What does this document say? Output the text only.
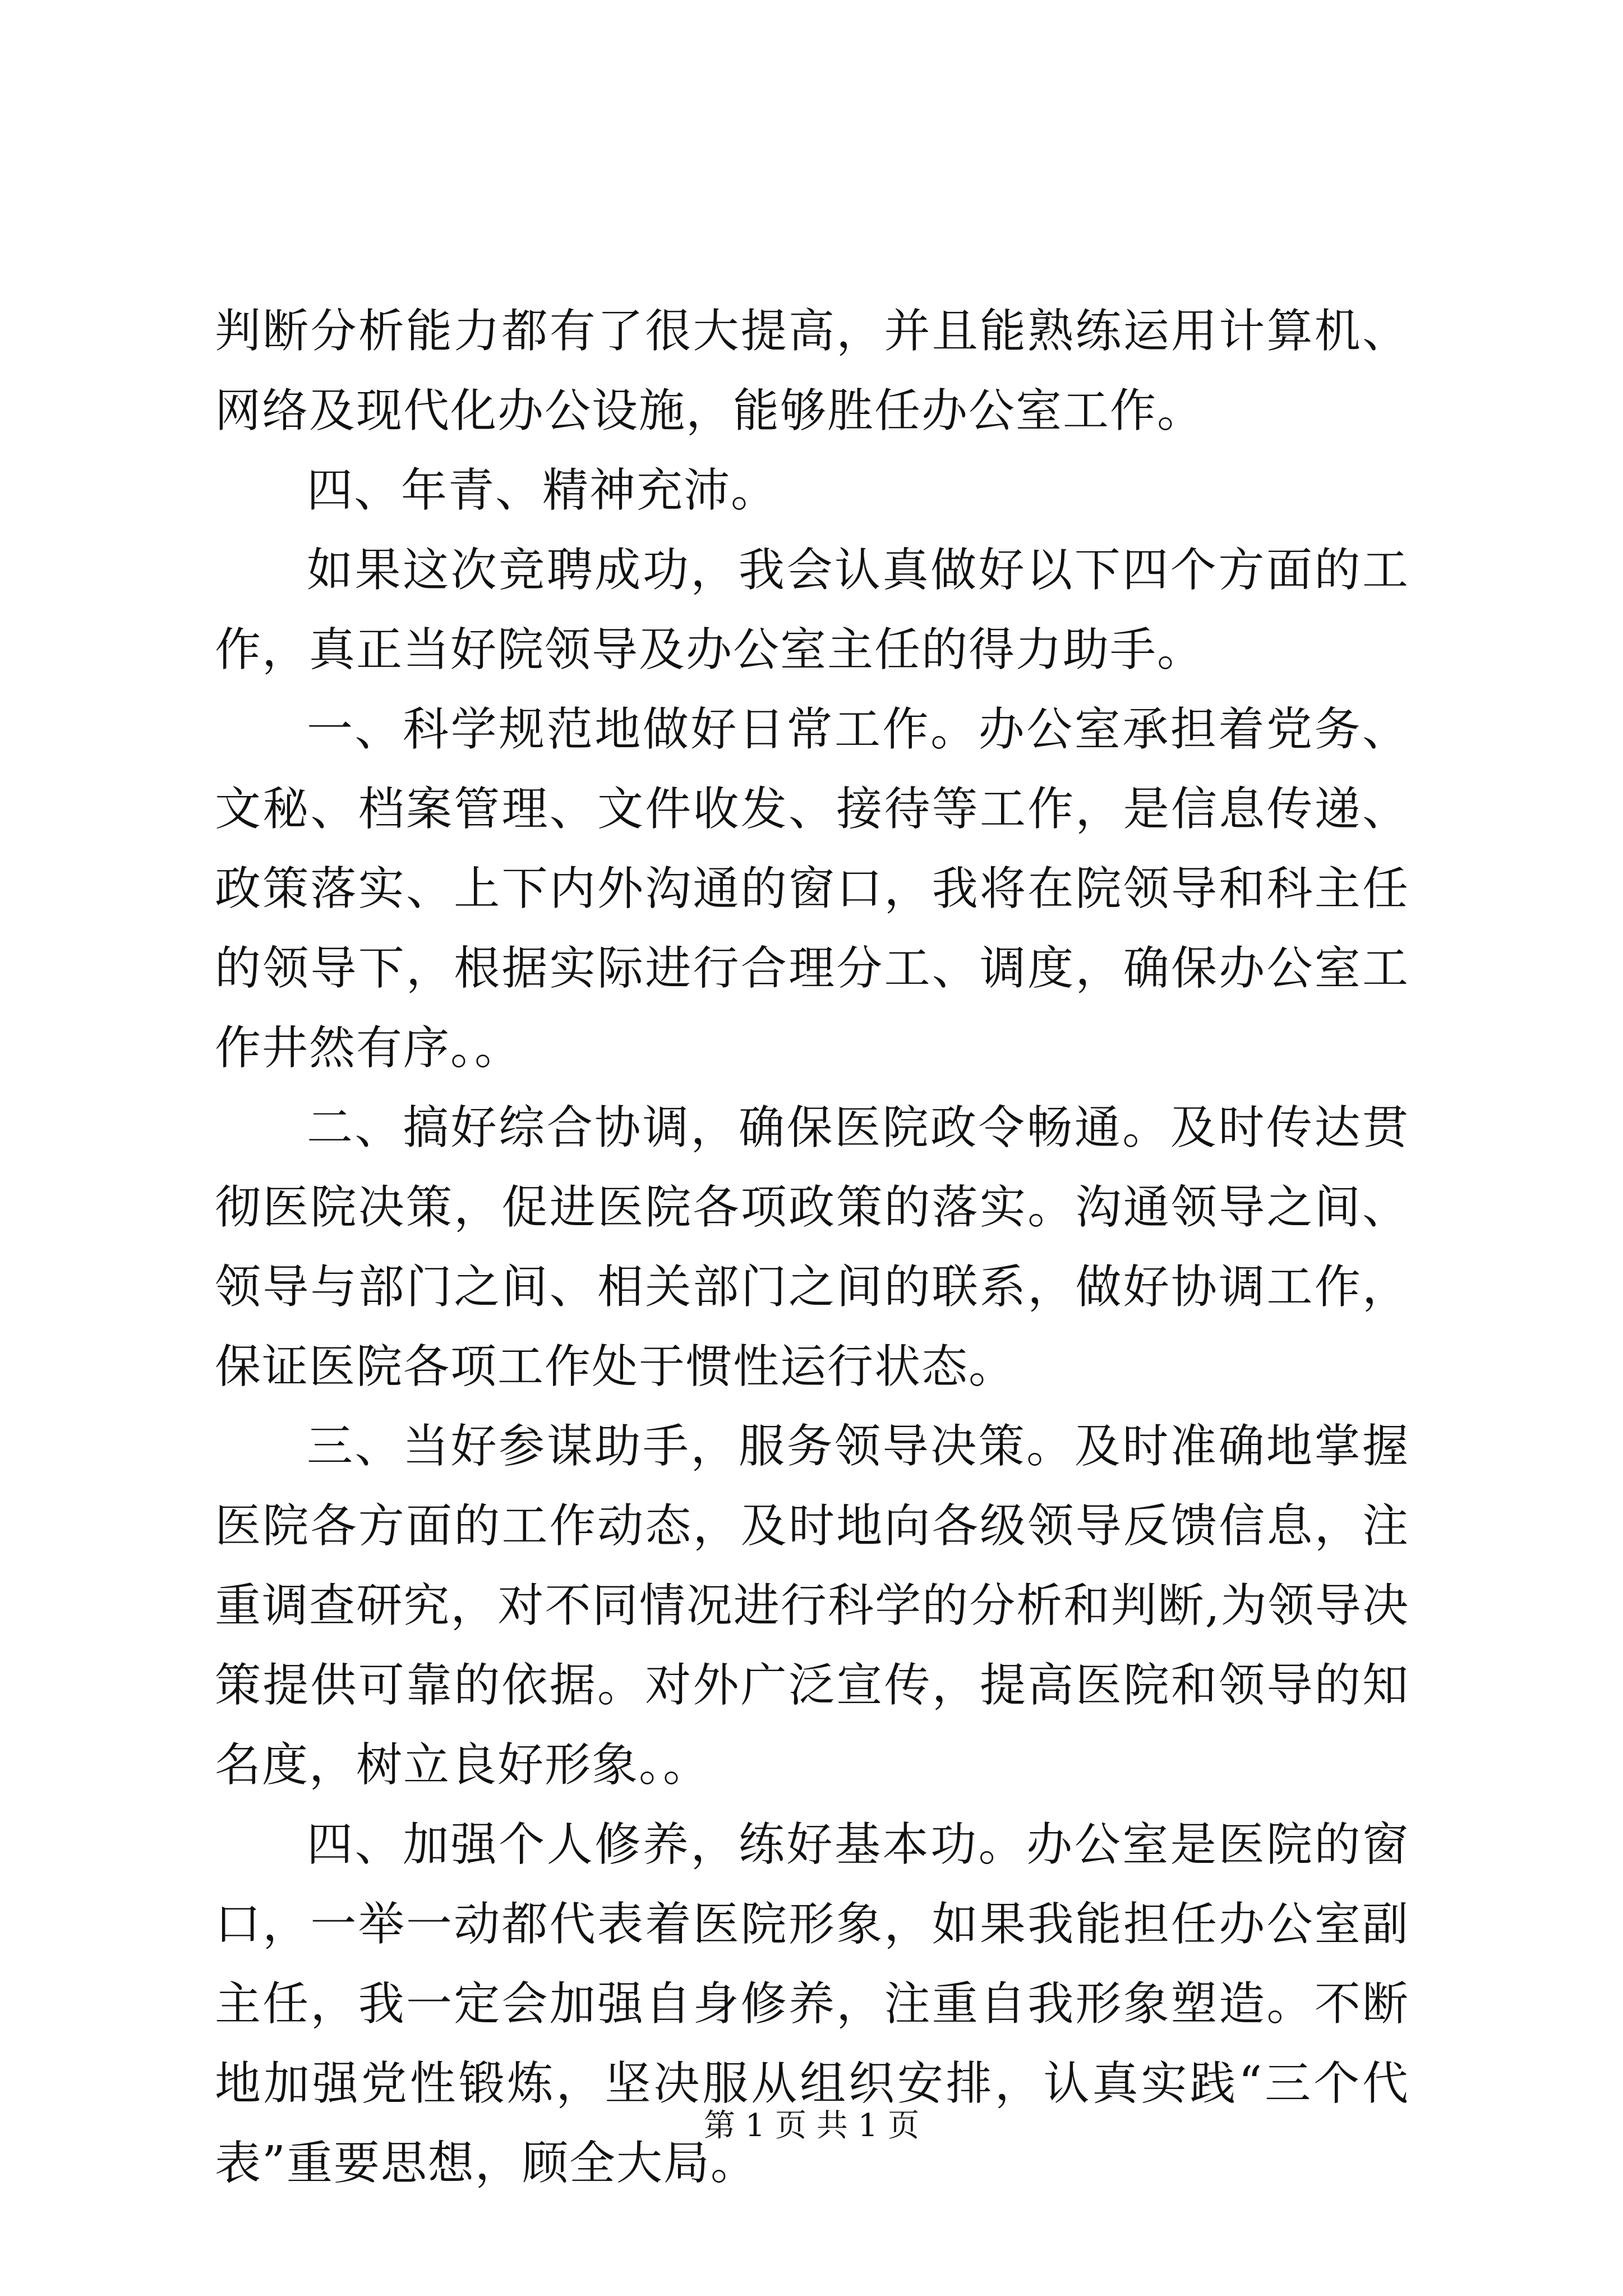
判断分析能力都有了很大提高，并且能熟练运用计算机、网络及现代化办公设施，能够胜任办公室工作。

四、年青、精神充沛。

如果这次竞聘成功，我会认真做好以下四个方面的工作，真正当好院领导及办公室主任的得力助手。

一、科学规范地做好日常工作。办公室承担着党务、文秘、档案管理、文件收发、接待等工作，是信息传递、政策落实、上下内外沟通的窗口，我将在院领导和科主任的领导下，根据实际进行合理分工、调度，确保办公室工作井然有序。。

二、搞好综合协调，确保医院政令畅通。及时传达贯彻医院决策，促进医院各项政策的落实。沟通领导之间、领导与部门之间、相关部门之间的联系，做好协调工作，保证医院各项工作处于惯性运行状态。

三、当好参谋助手，服务领导决策。及时准确地掌握医院各方面的工作动态，及时地向各级领导反馈信息，注重调查研究，对不同情况进行科学的分析和判断,为领导决策提供可靠的依据。对外广泛宣传，提高医院和领导的知名度，树立良好形象。。

四、加强个人修养，练好基本功。办公室是医院的窗口，一举一动都代表着医院形象，如果我能担任办公室副主任，我一定会加强自身修养，注重自我形象塑造。不断地加强党性锻炼，坚决服从组织安排，认真实践“三个代表”重要思想，顾全大局。

第 1 页 共 1 页
